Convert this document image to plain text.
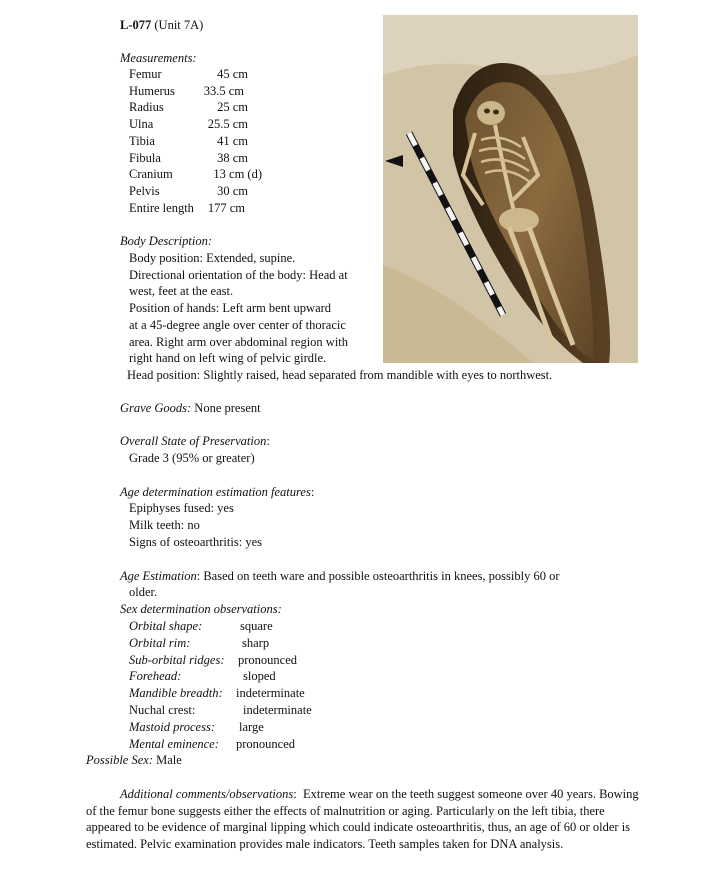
L-077 (Unit 7A)
Measurements:
Femur	45 cm
Humerus	33.5 cm
Radius	25 cm
Ulna	25.5 cm
Tibia	41 cm
Fibula	38 cm
Cranium	13 cm (d)
Pelvis	30 cm
Entire length	177 cm
Body Description:
Body position: Extended, supine.
Directional orientation of the body: Head at
west, feet at the east.
Position of hands: Left arm bent upward
at a 45-degree angle over center of thoracic
area. Right arm over abdominal region with
right hand on left wing of pelvic girdle.
Head position: Slightly raised, head separated from mandible with eyes to northwest.
Grave Goods: None present
Overall State of Preservation:
Grade 3 (95% or greater)
Age determination estimation features:
Epiphyses fused: yes
Milk teeth: no
Signs of osteoarthritis: yes
Age Estimation: Based on teeth ware and possible osteoarthritis in knees, possibly 60 or
older.
Sex determination observations:
Orbital shape:	square
Orbital rim:	sharp
Sub-orbital ridges: pronounced
Forehead:	sloped
Mandible breadth: indeterminate
Nuchal crest:	indeterminate
Mastoid process: large
Mental eminence: pronounced
Possible Sex: Male
Additional comments/observations:  Extreme wear on the teeth suggest someone over 40 years. Bowing of the femur bone suggests either the effects of malnutrition or aging. Particularly on the left tibia, there appeared to be evidence of marginal lipping which could indicate osteoarthritis, thus, an age of 60 or older is estimated. Pelvic examination provides male indicators. Teeth samples taken for DNA analysis.
